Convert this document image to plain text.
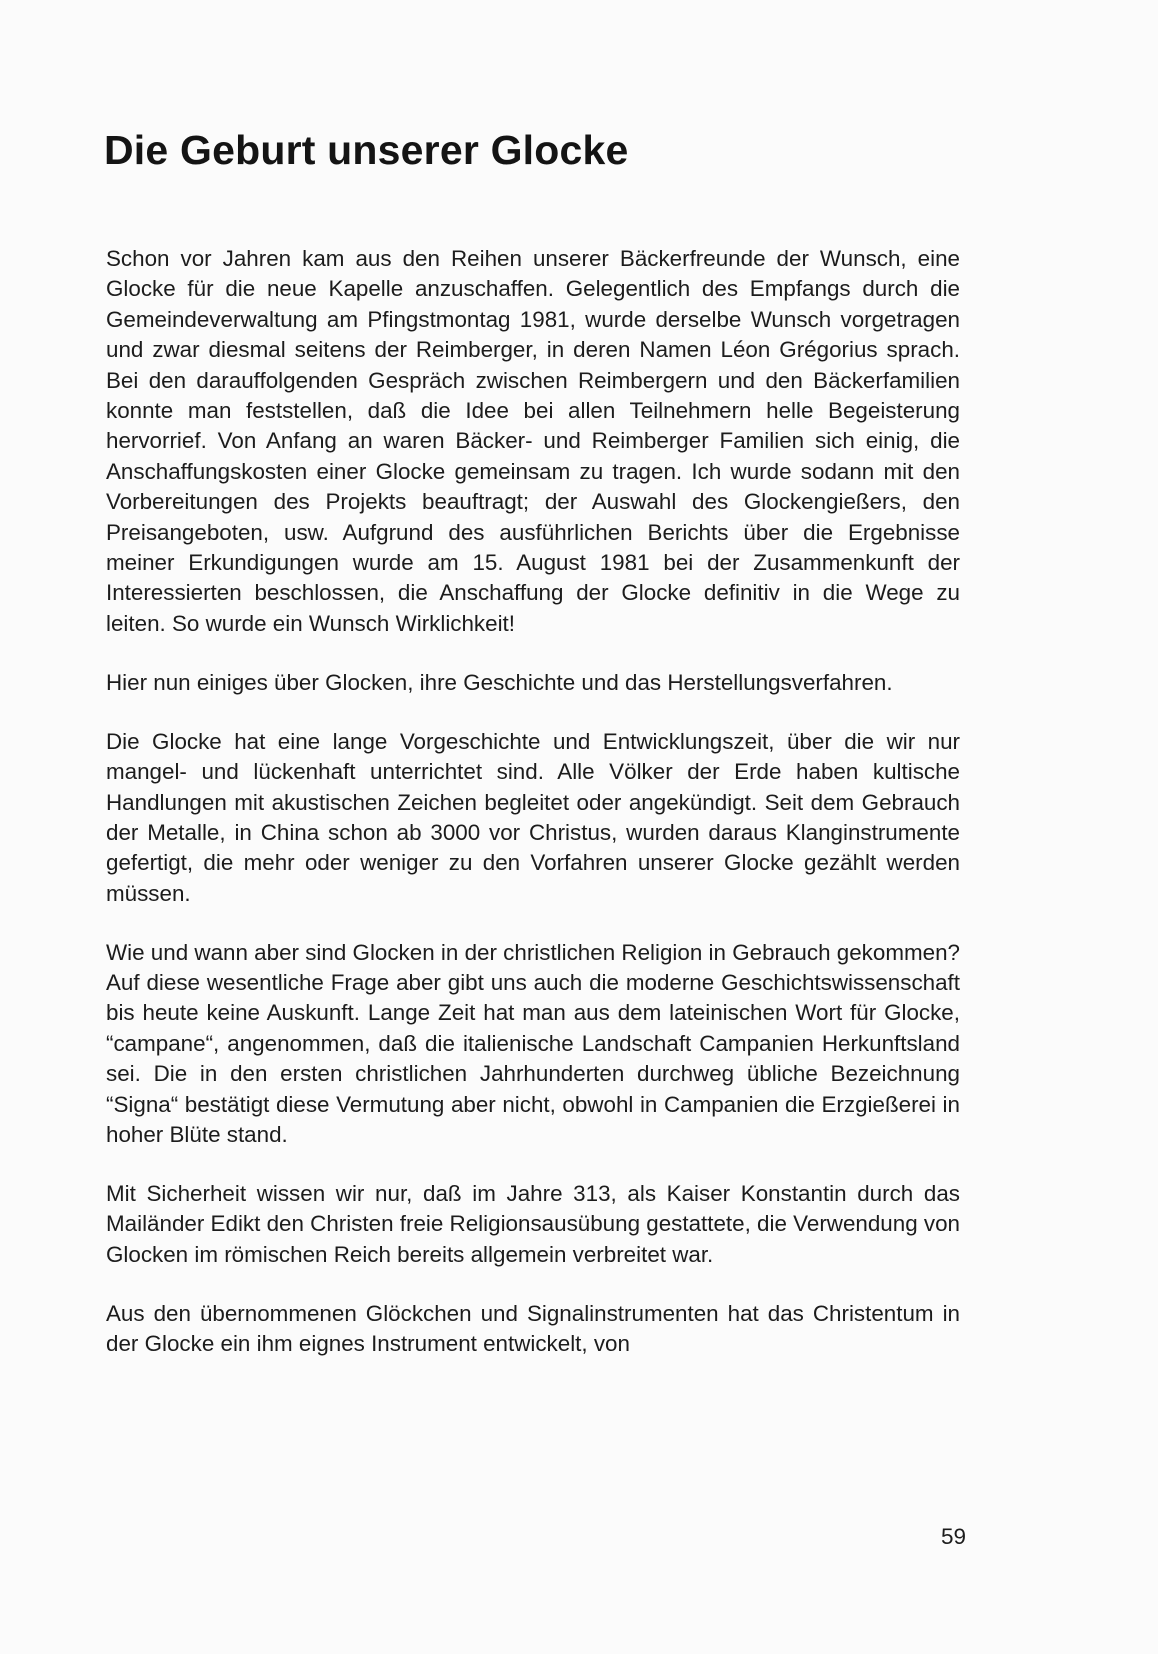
Die Geburt unserer Glocke

Schon vor Jahren kam aus den Reihen unserer Bäckerfreunde der Wunsch, eine Glocke für die neue Kapelle anzuschaffen. Gelegentlich des Empfangs durch die Gemeindeverwaltung am Pfingstmontag 1981, wurde derselbe Wunsch vorgetragen und zwar diesmal seitens der Reimberger, in deren Namen Léon Grégorius sprach. Bei den darauffolgenden Gespräch zwischen Reimbergern und den Bäckerfamilien konnte man feststellen, daß die Idee bei allen Teilnehmern helle Begeisterung hervorrief. Von Anfang an waren Bäcker- und Reimberger Familien sich einig, die Anschaffungskosten einer Glocke gemeinsam zu tragen. Ich wurde sodann mit den Vorbereitungen des Projekts beauftragt; der Auswahl des Glockengießers, den Preisangeboten, usw. Aufgrund des ausführlichen Berichts über die Ergebnisse meiner Erkundigungen wurde am 15. August 1981 bei der Zusammenkunft der Interessierten beschlossen, die Anschaffung der Glocke definitiv in die Wege zu leiten. So wurde ein Wunsch Wirklichkeit!

Hier nun einiges über Glocken, ihre Geschichte und das Herstellungsverfahren.

Die Glocke hat eine lange Vorgeschichte und Entwicklungszeit, über die wir nur mangel- und lückenhaft unterrichtet sind. Alle Völker der Erde haben kultische Handlungen mit akustischen Zeichen begleitet oder angekündigt. Seit dem Gebrauch der Metalle, in China schon ab 3000 vor Christus, wurden daraus Klanginstrumente gefertigt, die mehr oder weniger zu den Vorfahren unserer Glocke gezählt werden müssen.

Wie und wann aber sind Glocken in der christlichen Religion in Gebrauch gekommen? Auf diese wesentliche Frage aber gibt uns auch die moderne Geschichtswissenschaft bis heute keine Auskunft. Lange Zeit hat man aus dem lateinischen Wort für Glocke, “campane“, angenommen, daß die italienische Landschaft Campanien Herkunftsland sei. Die in den ersten christlichen Jahrhunderten durchweg übliche Bezeichnung “Signa“ bestätigt diese Vermutung aber nicht, obwohl in Campanien die Erzgießerei in hoher Blüte stand.

Mit Sicherheit wissen wir nur, daß im Jahre 313, als Kaiser Konstantin durch das Mailänder Edikt den Christen freie Religionsausübung gestattete, die Verwendung von Glocken im römischen Reich bereits allgemein verbreitet war.

Aus den übernommenen Glöckchen und Signalinstrumenten hat das Christentum in der Glocke ein ihm eignes Instrument entwickelt, von

59
